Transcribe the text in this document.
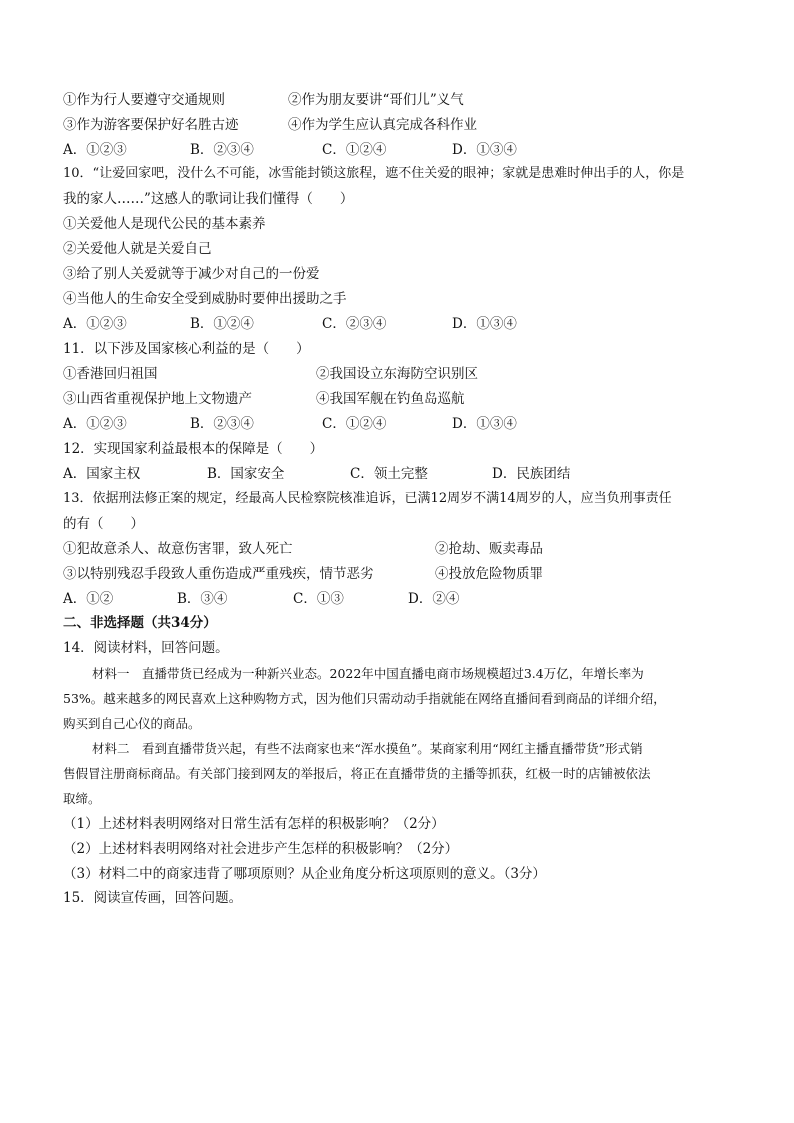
①作为行人要遵守交通规则	②作为朋友要讲“哥们儿”义气
③作为游客要保护好名胜古迹	④作为学生应认真完成各科作业
A．①②③	B．②③④	C．①②④	D．①③④
10．“让爱回家吧，没什么不可能，冰雪能封锁这旅程，遮不住关爱的眼神；家就是患难时伸出手的人，你是
我的家人……”这感人的歌词让我们懂得（　　）
①关爱他人是现代公民的基本素养
②关爱他人就是关爱自己
③给了别人关爱就等于减少对自己的一份爱
④当他人的生命安全受到威胁时要伸出援助之手
A．①②③	B．①②④	C．②③④	D．①③④
11．以下涉及国家核心利益的是（　　）
①香港回归祖国	②我国设立东海防空识别区
③山西省重视保护地上文物遗产	④我国军舰在钓鱼岛巡航
A．①②③	B．②③④	C．①②④	D．①③④
12．实现国家利益最根本的保障是（　　）
A．国家主权	B．国家安全	C．领土完整	D．民族团结
13．依据刑法修正案的规定，经最高人民检察院核准追诉，已满12周岁不满14周岁的人，应当负刑事责任
的有（　　）
①犯故意杀人、故意伤害罪，致人死亡	②抢劫、贩卖毒品
③以特别残忍手段致人重伤造成严重残疾，情节恶劣	④投放危险物质罪
A．①②	B．③④	C．①③	D．②④
二、非选择题（共34分）
14．阅读材料，回答问题。
材料一　直播带货已经成为一种新兴业态。2022年中国直播电商市场规模超过3.4万亿，年增长率为
53%。越来越多的网民喜欢上这种购物方式，因为他们只需动动手指就能在网络直播间看到商品的详细介绍，
购买到自己心仪的商品。
材料二　看到直播带货兴起，有些不法商家也来“浑水摸鱼”。某商家利用“网红主播直播带货”形式销
售假冒注册商标商品。有关部门接到网友的举报后，将正在直播带货的主播等抓获，红极一时的店铺被依法
取缔。
（1）上述材料表明网络对日常生活有怎样的积极影响？（2分）
（2）上述材料表明网络对社会进步产生怎样的积极影响？（2分）
（3）材料二中的商家违背了哪项原则？从企业角度分析这项原则的意义。（3分）
15．阅读宣传画，回答问题。
